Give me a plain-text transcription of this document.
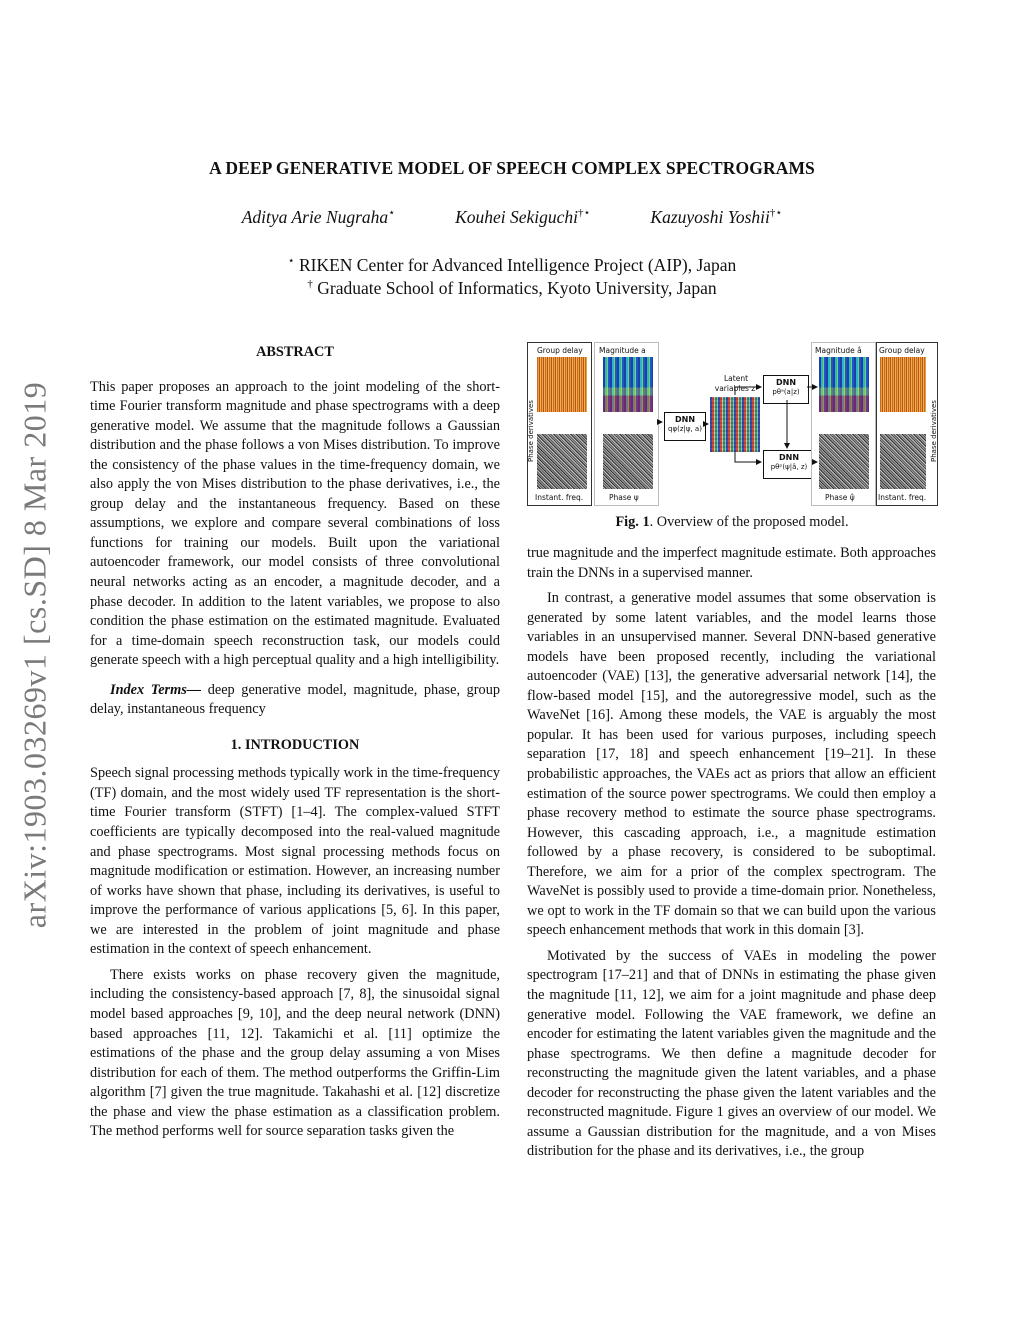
arXiv:1903.03269v1 [cs.SD] 8 Mar 2019
A DEEP GENERATIVE MODEL OF SPEECH COMPLEX SPECTROGRAMS
Aditya Arie Nugraha⋆	Kouhei Sekiguchi†⋆	Kazuyoshi Yoshii†⋆
⋆ RIKEN Center for Advanced Intelligence Project (AIP), Japan
† Graduate School of Informatics, Kyoto University, Japan
ABSTRACT

This paper proposes an approach to the joint modeling of the short-time Fourier transform magnitude and phase spectrograms with a deep generative model. We assume that the magnitude follows a Gaussian distribution and the phase follows a von Mises distribution. To improve the consistency of the phase values in the time-frequency domain, we also apply the von Mises distribution to the phase derivatives, i.e., the group delay and the instantaneous frequency. Based on these assumptions, we explore and compare several combinations of loss functions for training our models. Built upon the variational autoencoder framework, our model consists of three convolutional neural networks acting as an encoder, a magnitude decoder, and a phase decoder. In addition to the latent variables, we propose to also condition the phase estimation on the estimated magnitude. Evaluated for a time-domain speech reconstruction task, our models could generate speech with a high perceptual quality and a high intelligibility.

Index Terms— deep generative model, magnitude, phase, group delay, instantaneous frequency

1. INTRODUCTION

Speech signal processing methods typically work in the time-frequency (TF) domain, and the most widely used TF representation is the short-time Fourier transform (STFT) [1–4]. The complex-valued STFT coefficients are typically decomposed into the real-valued magnitude and phase spectrograms. Most signal processing methods focus on magnitude modification or estimation. However, an increasing number of works have shown that phase, including its derivatives, is useful to improve the performance of various applications [5, 6]. In this paper, we are interested in the problem of joint magnitude and phase estimation in the context of speech enhancement.

There exists works on phase recovery given the magnitude, including the consistency-based approach [7, 8], the sinusoidal signal model based approaches [9, 10], and the deep neural network (DNN) based approaches [11, 12]. Takamichi et al. [11] optimize the estimations of the phase and the group delay assuming a von Mises distribution for each of them. The method outperforms the Griffin-Lim algorithm [7] given the true magnitude. Takahashi et al. [12] discretize the phase and view the phase estimation as a classification problem. The method performs well for source separation tasks given the

Group delay Magnitude a
Instant. freq.	Phase ψ
Phase derivatives
Latent
variables z
DNN
qφ(z|ψ, a)
DNN
pθᵃ(a|z)
DNN
pθᵖ(ψ|â, z)
Magnitude â Group delay
Phase ψ̂	Instant. freq.
Phase derivatives
Fig. 1. Overview of the proposed model.

true magnitude and the imperfect magnitude estimate. Both approaches train the DNNs in a supervised manner.

In contrast, a generative model assumes that some observation is generated by some latent variables, and the model learns those variables in an unsupervised manner. Several DNN-based generative models have been proposed recently, including the variational autoencoder (VAE) [13], the generative adversarial network [14], the flow-based model [15], and the autoregressive model, such as the WaveNet [16]. Among these models, the VAE is arguably the most popular. It has been used for various purposes, including speech separation [17, 18] and speech enhancement [19–21]. In these probabilistic approaches, the VAEs act as priors that allow an efficient estimation of the source power spectrograms. We could then employ a phase recovery method to estimate the source phase spectrograms. However, this cascading approach, i.e., a magnitude estimation followed by a phase recovery, is considered to be suboptimal. Therefore, we aim for a prior of the complex spectrogram. The WaveNet is possibly used to provide a time-domain prior. Nonetheless, we opt to work in the TF domain so that we can build upon the various speech enhancement methods that work in this domain [3].

Motivated by the success of VAEs in modeling the power spectrogram [17–21] and that of DNNs in estimating the phase given the magnitude [11, 12], we aim for a joint magnitude and phase deep generative model. Following the VAE framework, we define an encoder for estimating the latent variables given the magnitude and the phase spectrograms. We then define a magnitude decoder for reconstructing the magnitude given the latent variables, and a phase decoder for reconstructing the phase given the latent variables and the reconstructed magnitude. Figure 1 gives an overview of our model. We assume a Gaussian distribution for the magnitude, and a von Mises distribution for the phase and its derivatives, i.e., the group
